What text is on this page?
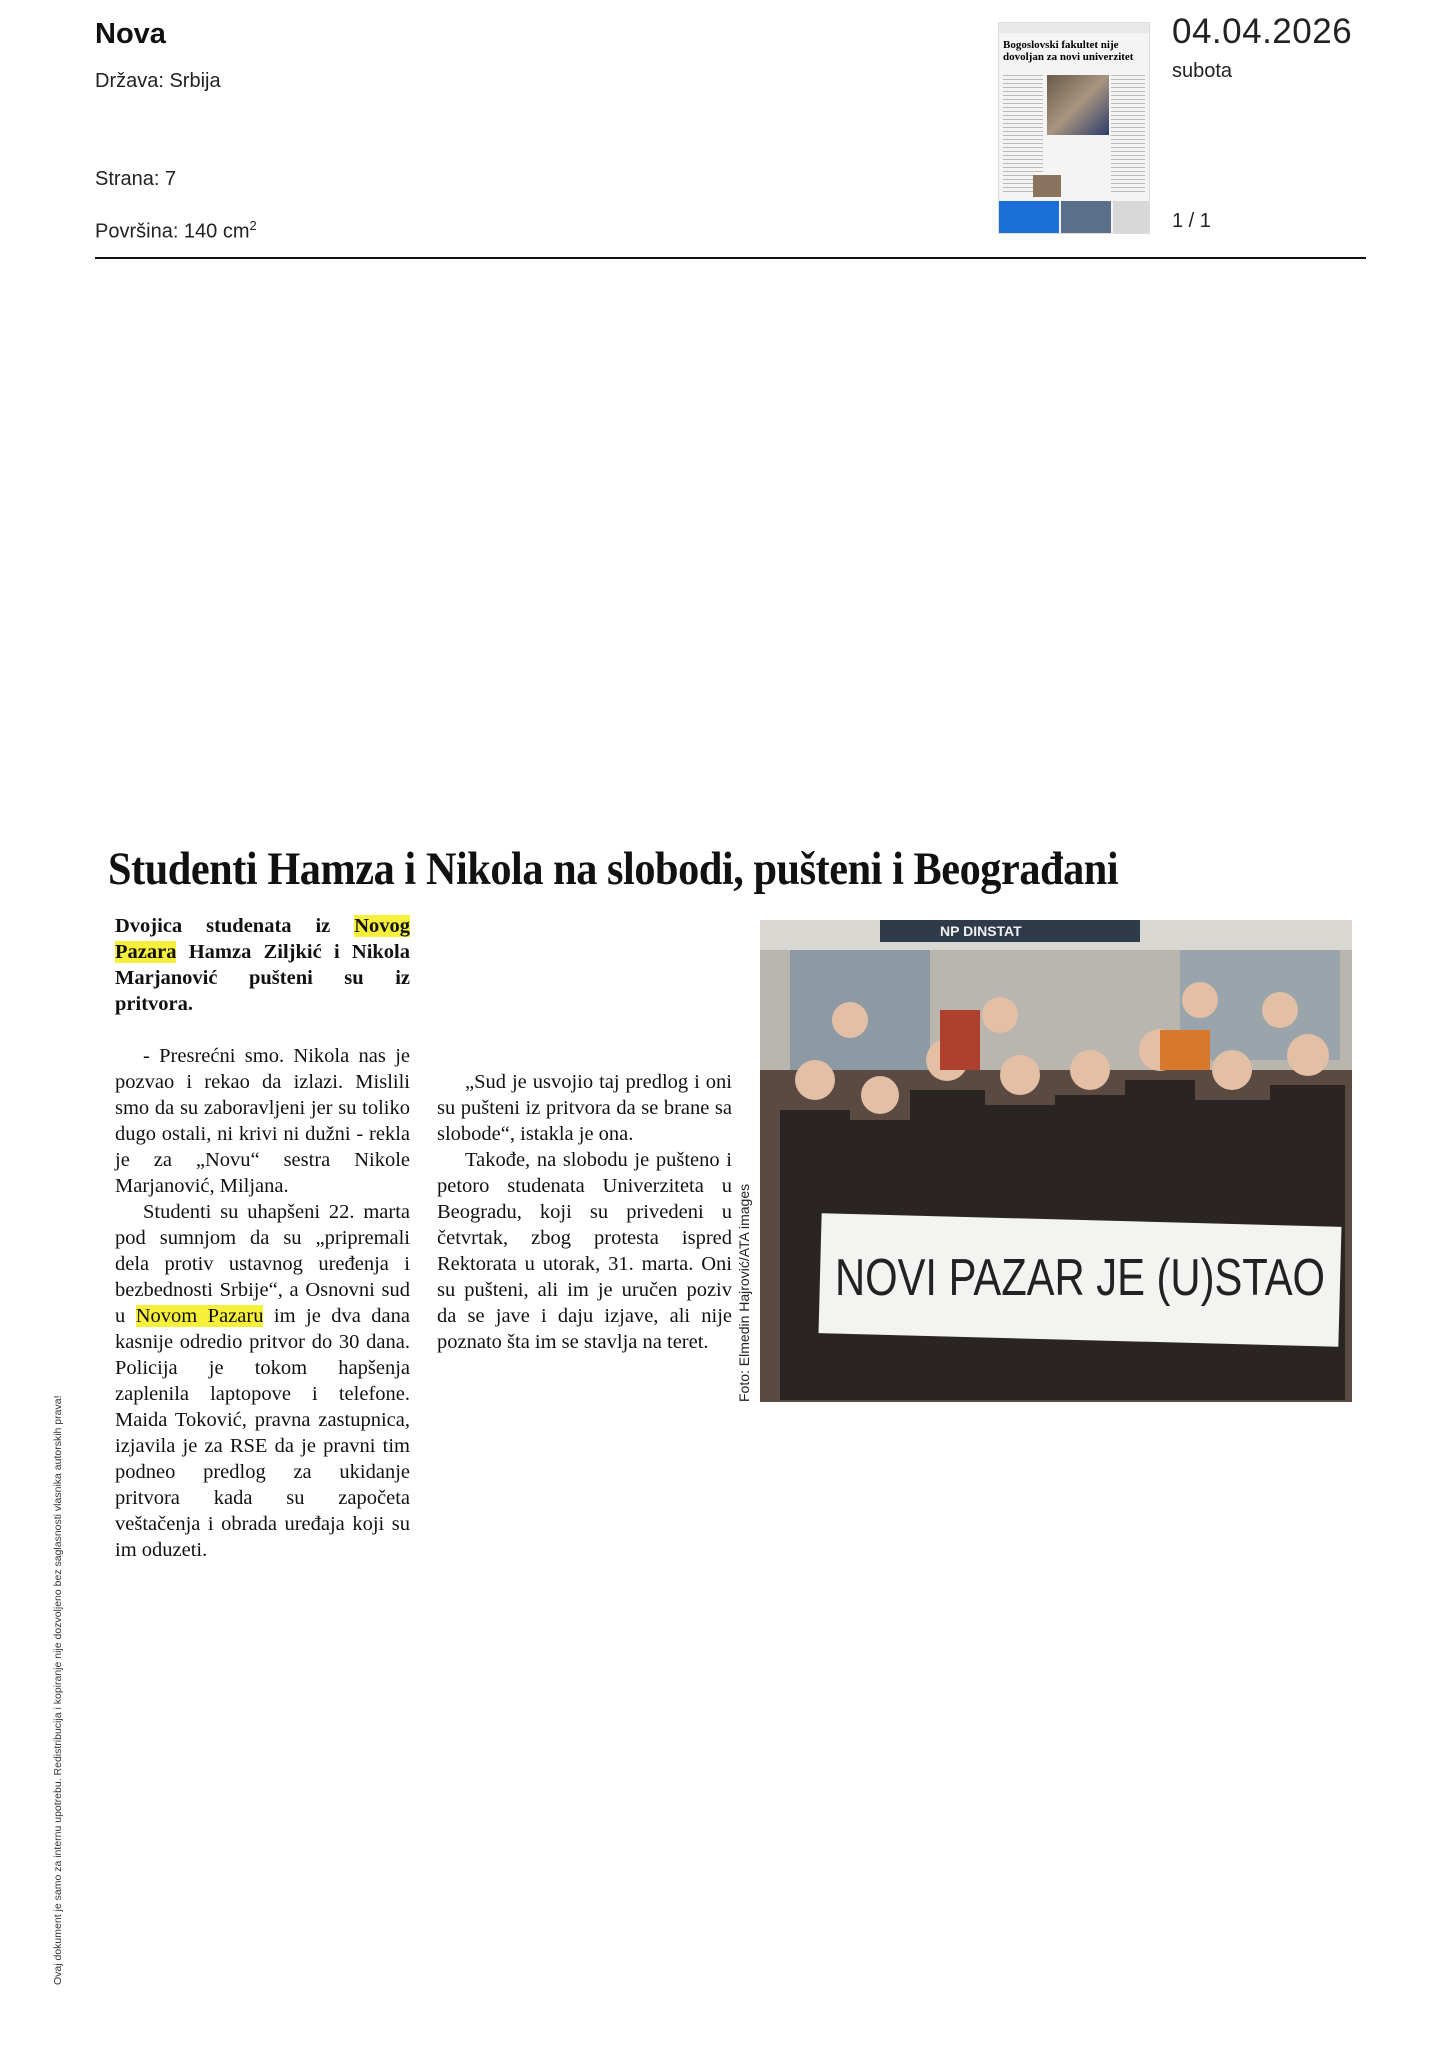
Nova
Država: Srbija
Strana: 7
Površina: 140 $cm^2$
Bogoslovski fakultet nije dovoljan za novi univerzitet
04.04.2026
subota
1 / 1
Studenti Hamza i Nikola na slobodi, pušteni i Beograđani

Dvojica studenata iz Novog Pazara Hamza Ziljkić i Nikola Marjanović pušteni su iz pritvora.

- Presrećni smo. Nikola nas je pozvao i rekao da izlazi. Mislili smo da su zaboravljeni jer su toliko dugo ostali, ni krivi ni dužni - rekla je za „Novu“ sestra Nikole Marjanović, Miljana.

Studenti su uhapšeni 22. marta pod sumnjom da su „pripremali dela protiv ustavnog uređenja i bezbednosti Srbije“, a Osnovni sud u Novom Pazaru im je dva dana kasnije odredio pritvor do 30 dana. Policija je tokom hapšenja zaplenila laptopove i telefone. Maida Toković, pravna zastupnica, izjavila je za RSE da je pravni tim podneo predlog za ukidanje pritvora kada su započeta veštačenja i obrada uređaja koji su im oduzeti.

„Sud je usvojio taj predlog i oni su pušteni iz pritvora da se brane sa slobode“, istakla je ona.

Takođe, na slobodu je pušteno i petoro studenata Univerziteta u Beogradu, koji su privedeni u četvrtak, zbog protesta ispred Rektorata u utorak, 31. marta. Oni su pušteni, ali im je uručen poziv da se jave i daju izjave, ali nije poznato šta im se stavlja na teret.

NP DINSTAT
NOVI PAZAR JE (U)STAO
Foto: Elmedin Hajrović/ATA images
Ovaj dokument je samo za internu upotrebu. Redistribucija i kopiranje nije dozvoljeno bez saglasnosti vlasnika autorskih prava!
